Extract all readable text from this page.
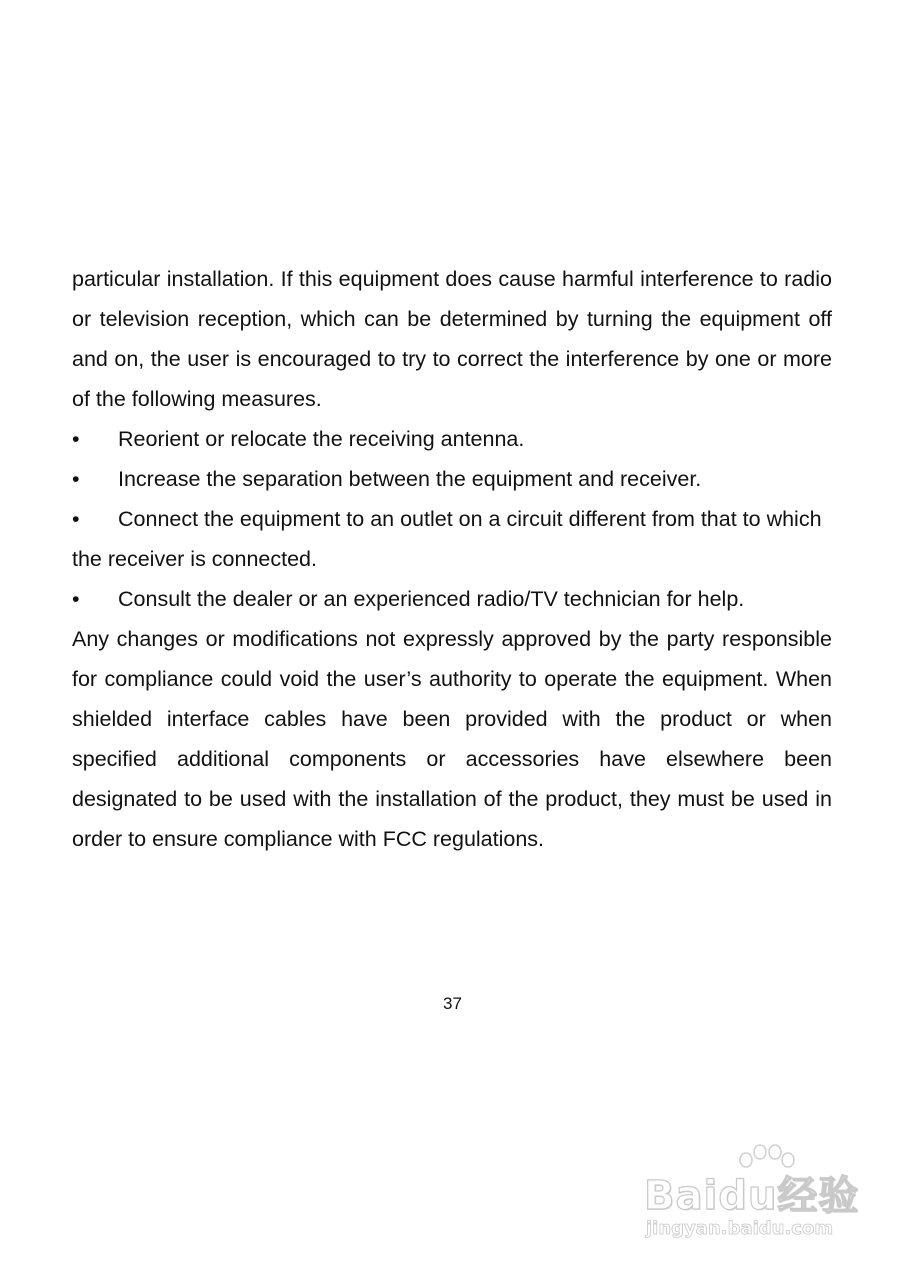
particular installation. If this equipment does cause harmful interference to radio or television reception, which can be determined by turning the equipment off and on, the user is encouraged to try to correct the interference by one or more of the following measures.

•	Reorient or relocate the receiving antenna.
•	Increase the separation between the equipment and receiver.
•	Connect the equipment to an outlet on a circuit different from that to which the receiver is connected.
•	Consult the dealer or an experienced radio/TV technician for help.

Any changes or modifications not expressly approved by the party responsible for compliance could void the user’s authority to operate the equipment. When shielded interface cables have been provided with the product or when specified additional components or accessories have elsewhere been designated to be used with the installation of the product, they must be used in order to ensure compliance with FCC regulations.

37
Baidu经验
jingyan.baidu.com
